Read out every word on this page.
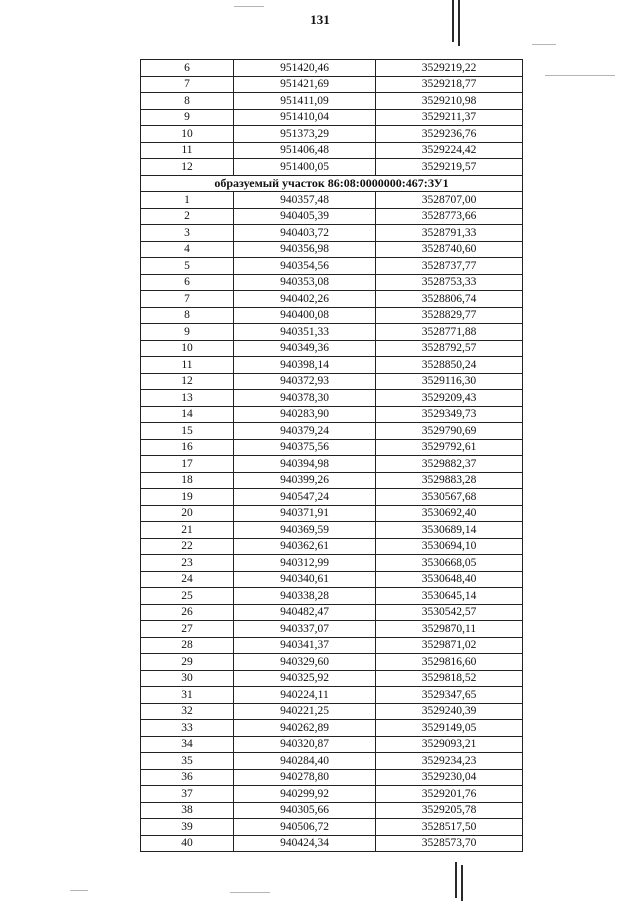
131
6	951420,46	3529219,22
7	951421,69	3529218,77
8	951411,09	3529210,98
9	951410,04	3529211,37
10	951373,29	3529236,76
11	951406,48	3529224,42
12	951400,05	3529219,57
образуемый участок 86:08:0000000:467:ЗУ1		
1	940357,48	3528707,00
2	940405,39	3528773,66
3	940403,72	3528791,33
4	940356,98	3528740,60
5	940354,56	3528737,77
6	940353,08	3528753,33
7	940402,26	3528806,74
8	940400,08	3528829,77
9	940351,33	3528771,88
10	940349,36	3528792,57
11	940398,14	3528850,24
12	940372,93	3529116,30
13	940378,30	3529209,43
14	940283,90	3529349,73
15	940379,24	3529790,69
16	940375,56	3529792,61
17	940394,98	3529882,37
18	940399,26	3529883,28
19	940547,24	3530567,68
20	940371,91	3530692,40
21	940369,59	3530689,14
22	940362,61	3530694,10
23	940312,99	3530668,05
24	940340,61	3530648,40
25	940338,28	3530645,14
26	940482,47	3530542,57
27	940337,07	3529870,11
28	940341,37	3529871,02
29	940329,60	3529816,60
30	940325,92	3529818,52
31	940224,11	3529347,65
32	940221,25	3529240,39
33	940262,89	3529149,05
34	940320,87	3529093,21
35	940284,40	3529234,23
36	940278,80	3529230,04
37	940299,92	3529201,76
38	940305,66	3529205,78
39	940506,72	3528517,50
40	940424,34	3528573,70
